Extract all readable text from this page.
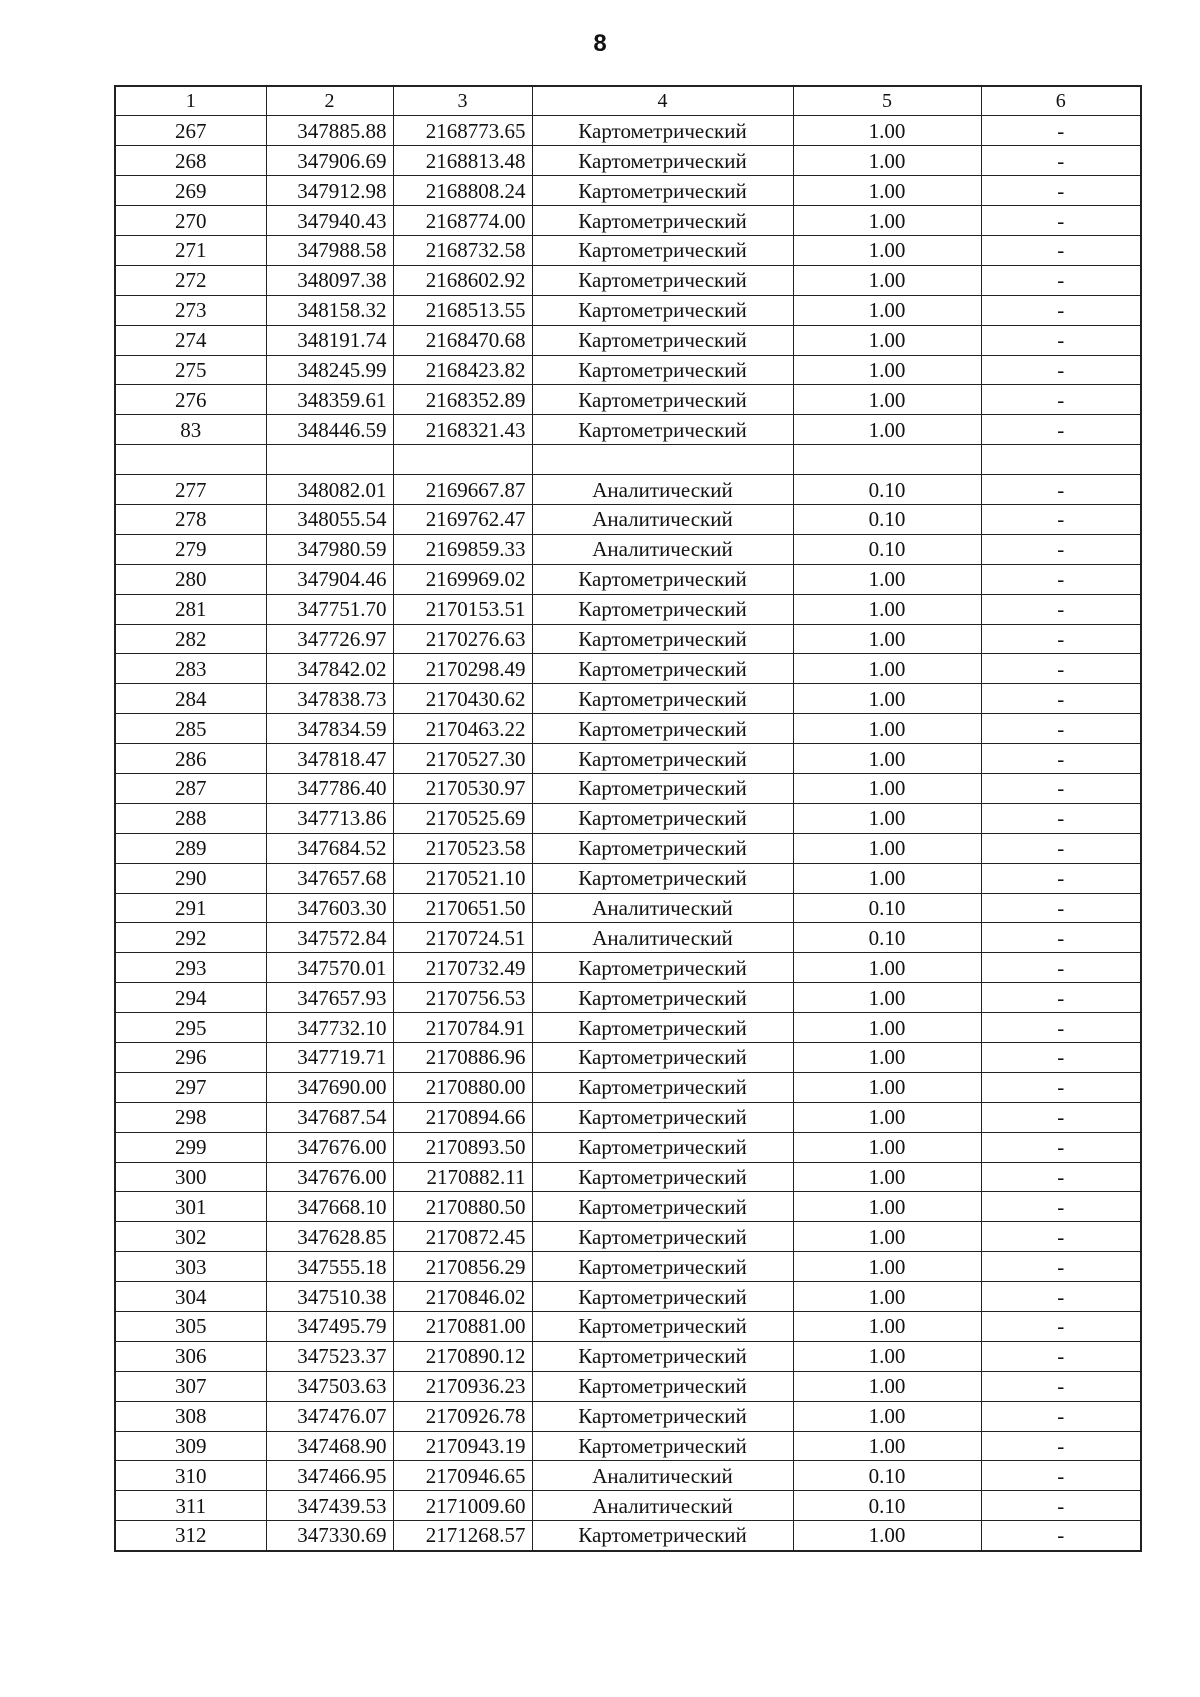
8
1	2	3	4	5	6
267	347885.88	2168773.65	Картометрический	1.00	-
268	347906.69	2168813.48	Картометрический	1.00	-
269	347912.98	2168808.24	Картометрический	1.00	-
270	347940.43	2168774.00	Картометрический	1.00	-
271	347988.58	2168732.58	Картометрический	1.00	-
272	348097.38	2168602.92	Картометрический	1.00	-
273	348158.32	2168513.55	Картометрический	1.00	-
274	348191.74	2168470.68	Картометрический	1.00	-
275	348245.99	2168423.82	Картометрический	1.00	-
276	348359.61	2168352.89	Картометрический	1.00	-
83	348446.59	2168321.43	Картометрический	1.00	-

277	348082.01	2169667.87	Аналитический	0.10	-
278	348055.54	2169762.47	Аналитический	0.10	-
279	347980.59	2169859.33	Аналитический	0.10	-
280	347904.46	2169969.02	Картометрический	1.00	-
281	347751.70	2170153.51	Картометрический	1.00	-
282	347726.97	2170276.63	Картометрический	1.00	-
283	347842.02	2170298.49	Картометрический	1.00	-
284	347838.73	2170430.62	Картометрический	1.00	-
285	347834.59	2170463.22	Картометрический	1.00	-
286	347818.47	2170527.30	Картометрический	1.00	-
287	347786.40	2170530.97	Картометрический	1.00	-
288	347713.86	2170525.69	Картометрический	1.00	-
289	347684.52	2170523.58	Картометрический	1.00	-
290	347657.68	2170521.10	Картометрический	1.00	-
291	347603.30	2170651.50	Аналитический	0.10	-
292	347572.84	2170724.51	Аналитический	0.10	-
293	347570.01	2170732.49	Картометрический	1.00	-
294	347657.93	2170756.53	Картометрический	1.00	-
295	347732.10	2170784.91	Картометрический	1.00	-
296	347719.71	2170886.96	Картометрический	1.00	-
297	347690.00	2170880.00	Картометрический	1.00	-
298	347687.54	2170894.66	Картометрический	1.00	-
299	347676.00	2170893.50	Картометрический	1.00	-
300	347676.00	2170882.11	Картометрический	1.00	-
301	347668.10	2170880.50	Картометрический	1.00	-
302	347628.85	2170872.45	Картометрический	1.00	-
303	347555.18	2170856.29	Картометрический	1.00	-
304	347510.38	2170846.02	Картометрический	1.00	-
305	347495.79	2170881.00	Картометрический	1.00	-
306	347523.37	2170890.12	Картометрический	1.00	-
307	347503.63	2170936.23	Картометрический	1.00	-
308	347476.07	2170926.78	Картометрический	1.00	-
309	347468.90	2170943.19	Картометрический	1.00	-
310	347466.95	2170946.65	Аналитический	0.10	-
311	347439.53	2171009.60	Аналитический	0.10	-
312	347330.69	2171268.57	Картометрический	1.00	-
